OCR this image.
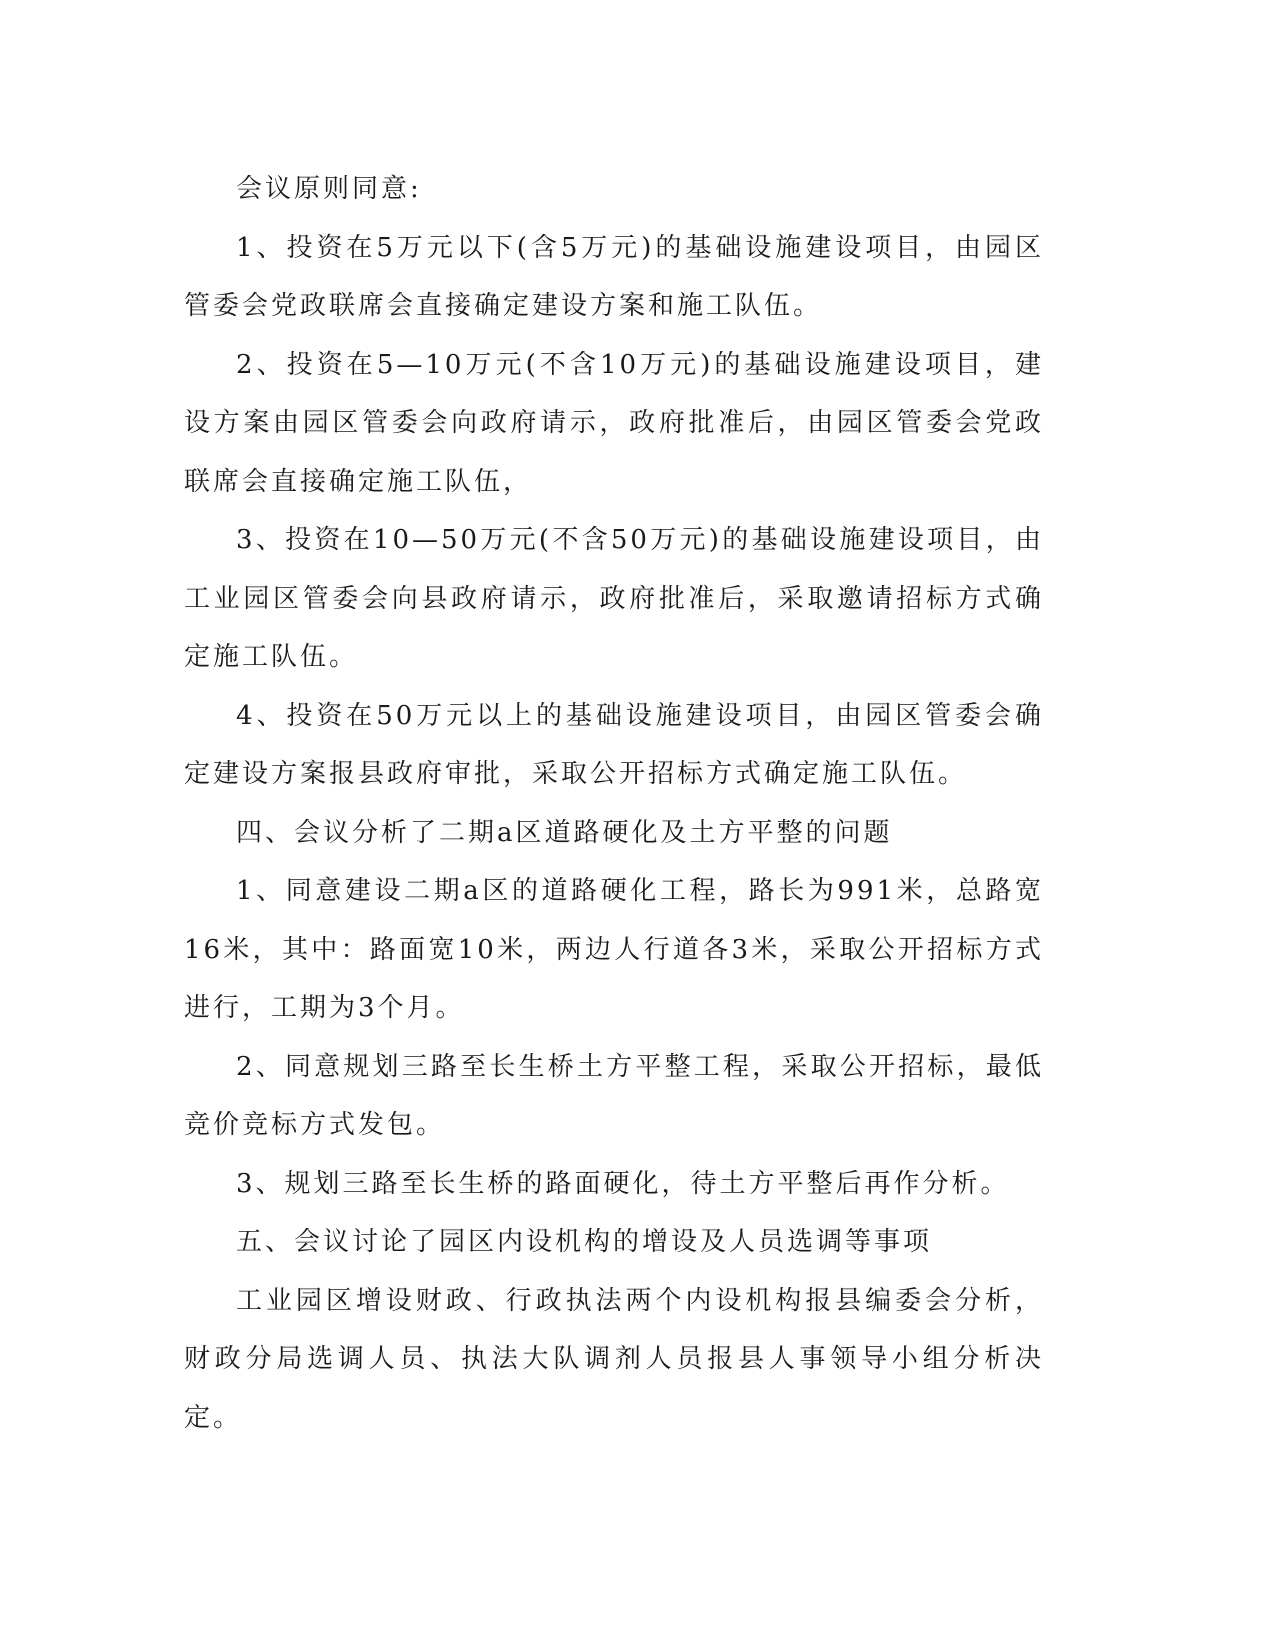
会议原则同意:

1、投资在5万元以下(含5万元)的基础设施建设项目，由园区管委会党政联席会直接确定建设方案和施工队伍。

2、投资在5—10万元(不含10万元)的基础设施建设项目，建设方案由园区管委会向政府请示，政府批准后，由园区管委会党政联席会直接确定施工队伍，

3、投资在10—50万元(不含50万元)的基础设施建设项目，由工业园区管委会向县政府请示，政府批准后，采取邀请招标方式确定施工队伍。

4、投资在50万元以上的基础设施建设项目，由园区管委会确定建设方案报县政府审批，采取公开招标方式确定施工队伍。

四、会议分析了二期a区道路硬化及土方平整的问题

1、同意建设二期a区的道路硬化工程，路长为991米，总路宽16米，其中：路面宽10米，两边人行道各3米，采取公开招标方式进行，工期为3个月。

2、同意规划三路至长生桥土方平整工程，采取公开招标，最低竞价竞标方式发包。

3、规划三路至长生桥的路面硬化，待土方平整后再作分析。

五、会议讨论了园区内设机构的增设及人员选调等事项

工业园区增设财政、行政执法两个内设机构报县编委会分析，财政分局选调人员、执法大队调剂人员报县人事领导小组分析决定。
